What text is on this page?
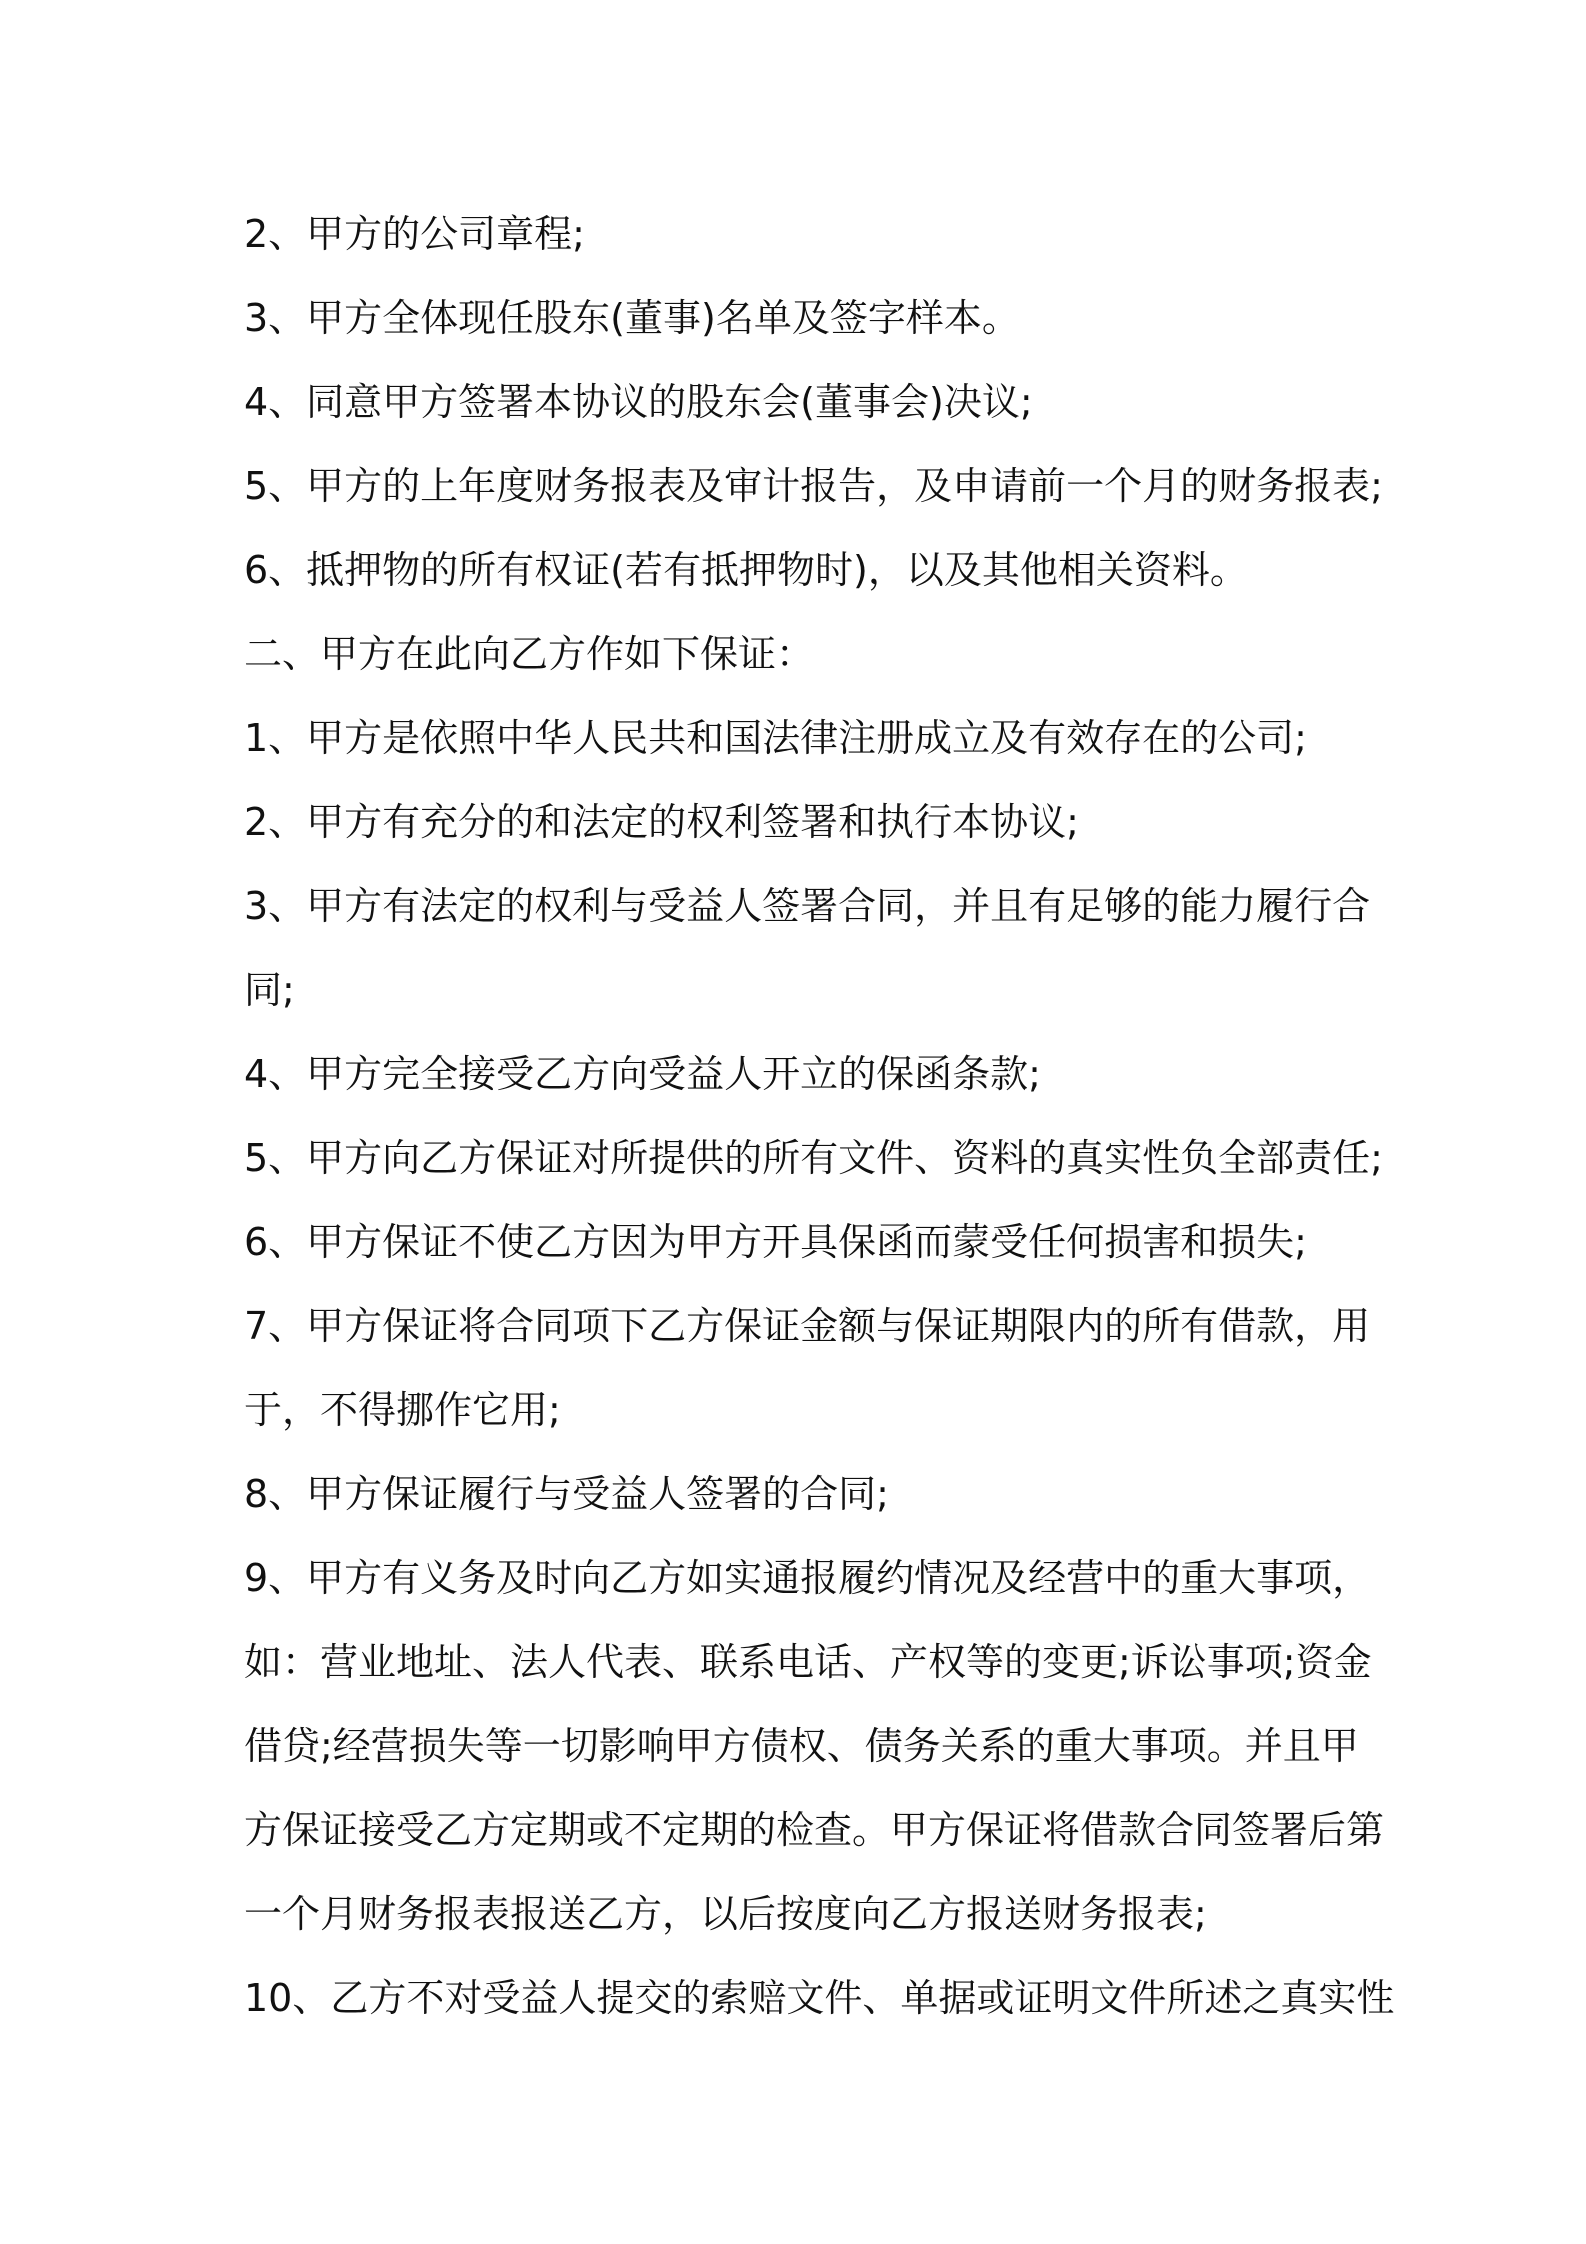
2、甲方的公司章程;
3、甲方全体现任股东(董事)名单及签字样本。
4、同意甲方签署本协议的股东会(董事会)决议;
5、甲方的上年度财务报表及审计报告，及申请前一个月的财务报表;
6、抵押物的所有权证(若有抵押物时)，以及其他相关资料。
二、甲方在此向乙方作如下保证：
1、甲方是依照中华人民共和国法律注册成立及有效存在的公司;
2、甲方有充分的和法定的权利签署和执行本协议;
3、甲方有法定的权利与受益人签署合同，并且有足够的能力履行合
同;
4、甲方完全接受乙方向受益人开立的保函条款;
5、甲方向乙方保证对所提供的所有文件、资料的真实性负全部责任;
6、甲方保证不使乙方因为甲方开具保函而蒙受任何损害和损失;
7、甲方保证将合同项下乙方保证金额与保证期限内的所有借款，用
于，不得挪作它用;
8、甲方保证履行与受益人签署的合同;
9、甲方有义务及时向乙方如实通报履约情况及经营中的重大事项，
如：营业地址、法人代表、联系电话、产权等的变更;诉讼事项;资金
借贷;经营损失等一切影响甲方债权、债务关系的重大事项。并且甲
方保证接受乙方定期或不定期的检查。甲方保证将借款合同签署后第
一个月财务报表报送乙方，以后按度向乙方报送财务报表;
10、乙方不对受益人提交的索赔文件、单据或证明文件所述之真实性
